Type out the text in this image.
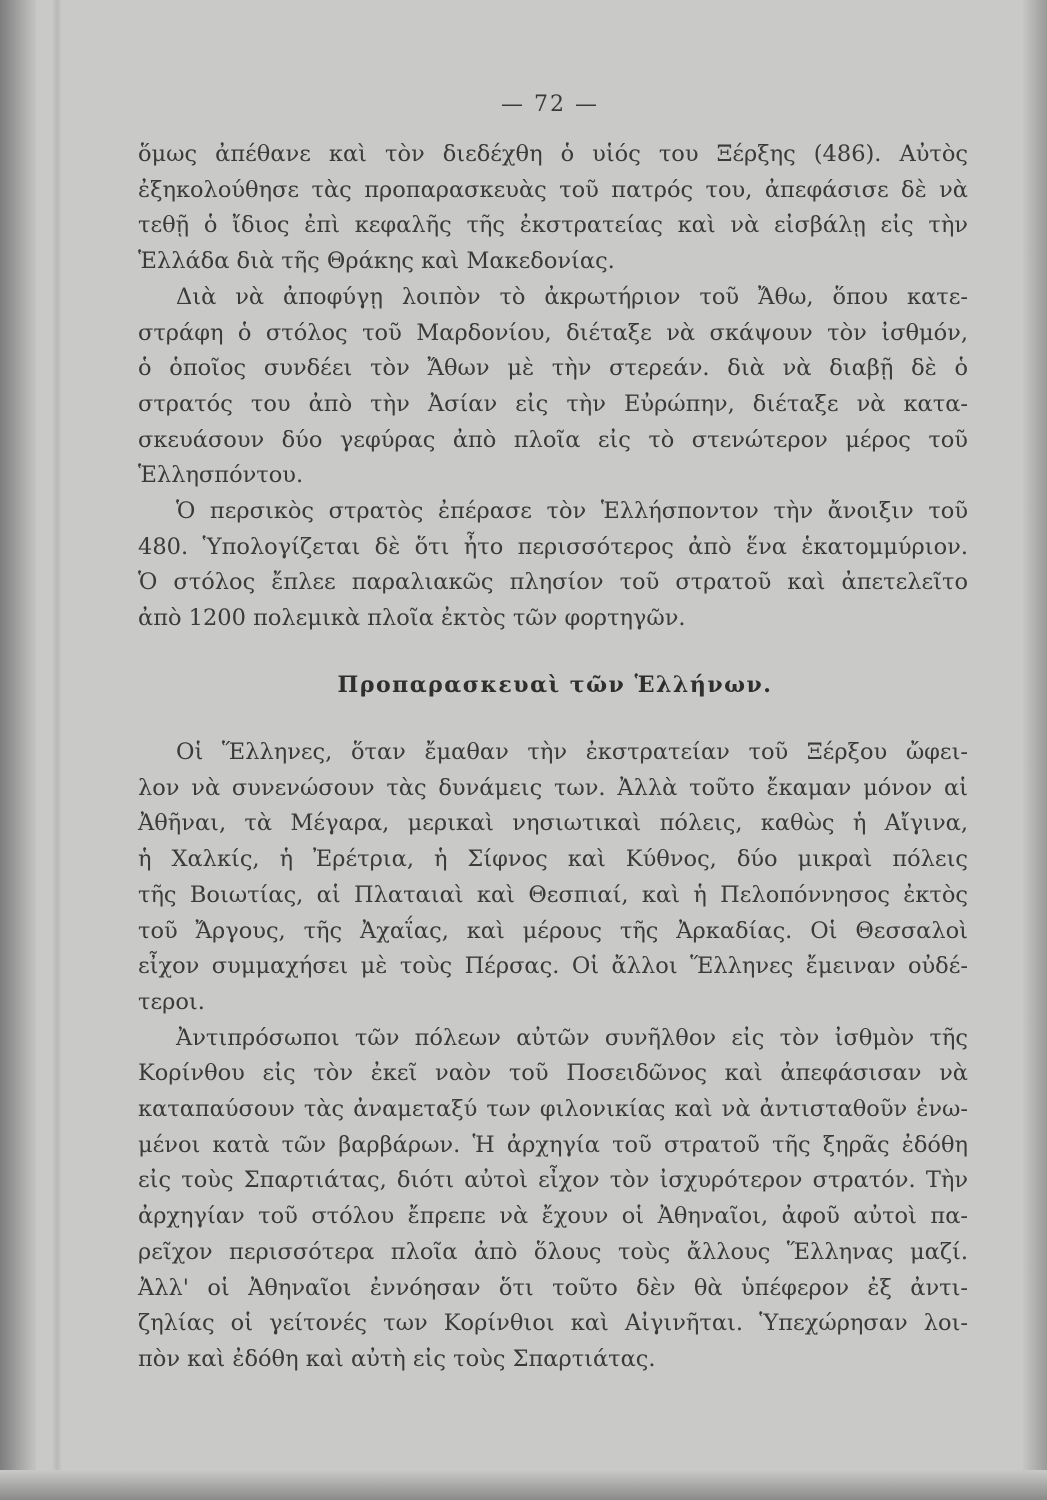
— 72 —
ὅμως ἀπέθανε καὶ τὸν διεδέχθη ὁ υἱός του Ξέρξης (486). Αὐτὸς
ἐξηκολούθησε τὰς προπαρασκευὰς τοῦ πατρός του, ἀπεφάσισε δὲ νὰ
τεθῇ ὁ ἴδιος ἐπὶ κεφαλῆς τῆς ἐκστρατείας καὶ νὰ εἰσβάλῃ εἰς τὴν
Ἑλλάδα διὰ τῆς Θράκης καὶ Μακεδονίας.
Διὰ νὰ ἀποφύγῃ λοιπὸν τὸ ἀκρωτήριον τοῦ Ἄθω, ὅπου κατε-
στράφη ὁ στόλος τοῦ Μαρδονίου, διέταξε νὰ σκάψουν τὸν ἰσθμόν,
ὁ ὁποῖος συνδέει τὸν Ἄθων μὲ τὴν στερεάν. διὰ νὰ διαβῇ δὲ ὁ
στρατός του ἀπὸ τὴν Ἀσίαν εἰς τὴν Εὐρώπην, διέταξε νὰ κατα-
σκευάσουν δύο γεφύρας ἀπὸ πλοῖα εἰς τὸ στενώτερον μέρος τοῦ
Ἑλλησπόντου.
Ὁ περσικὸς στρατὸς ἐπέρασε τὸν Ἑλλήσποντον τὴν ἄνοιξιν τοῦ
480. Ὑπολογίζεται δὲ ὅτι ἦτο περισσότερος ἀπὸ ἕνα ἑκατομμύριον.
Ὁ στόλος ἔπλεε παραλιακῶς πλησίον τοῦ στρατοῦ καὶ ἀπετελεῖτο
ἀπὸ 1200 πολεμικὰ πλοῖα ἐκτὸς τῶν φορτηγῶν.
Προπαρασκευαὶ τῶν Ἑλλήνων.
Οἱ Ἕλληνες, ὅταν ἔμαθαν τὴν ἐκστρατείαν τοῦ Ξέρξου ὤφει-
λον νὰ συνενώσουν τὰς δυνάμεις των. Ἀλλὰ τοῦτο ἔκαμαν μόνον αἱ
Ἀθῆναι, τὰ Μέγαρα, μερικαὶ νησιωτικαὶ πόλεις, καθὼς ἡ Αἴγινα,
ἡ Χαλκίς, ἡ Ἐρέτρια, ἡ Σίφνος καὶ Κύθνος, δύο μικραὶ πόλεις
τῆς Βοιωτίας, αἱ Πλαταιαὶ καὶ Θεσπιαί, καὶ ἡ Πελοπόννησος ἐκτὸς
τοῦ Ἄργους, τῆς Ἀχαΐας, καὶ μέρους τῆς Ἀρκαδίας. Οἱ Θεσσαλοὶ
εἶχον συμμαχήσει μὲ τοὺς Πέρσας. Οἱ ἄλλοι Ἕλληνες ἔμειναν οὐδέ-
τεροι.
Ἀντιπρόσωποι τῶν πόλεων αὐτῶν συνῆλθον εἰς τὸν ἰσθμὸν τῆς
Κορίνθου εἰς τὸν ἐκεῖ ναὸν τοῦ Ποσειδῶνος καὶ ἀπεφάσισαν νὰ
καταπαύσουν τὰς ἀναμεταξύ των φιλονικίας καὶ νὰ ἀντισταθοῦν ἑνω-
μένοι κατὰ τῶν βαρβάρων. Ἡ ἀρχηγία τοῦ στρατοῦ τῆς ξηρᾶς ἐδόθη
εἰς τοὺς Σπαρτιάτας, διότι αὐτοὶ εἶχον τὸν ἰσχυρότερον στρατόν. Τὴν
ἀρχηγίαν τοῦ στόλου ἔπρεπε νὰ ἔχουν οἱ Ἀθηναῖοι, ἀφοῦ αὐτοὶ πα-
ρεῖχον περισσότερα πλοῖα ἀπὸ ὅλους τοὺς ἄλλους Ἕλληνας μαζί.
Ἀλλ' οἱ Ἀθηναῖοι ἐννόησαν ὅτι τοῦτο δὲν θὰ ὑπέφερον ἐξ ἀντι-
ζηλίας οἱ γείτονές των Κορίνθιοι καὶ Αἰγινῆται. Ὑπεχώρησαν λοι-
πὸν καὶ ἐδόθη καὶ αὐτὴ εἰς τοὺς Σπαρτιάτας.
